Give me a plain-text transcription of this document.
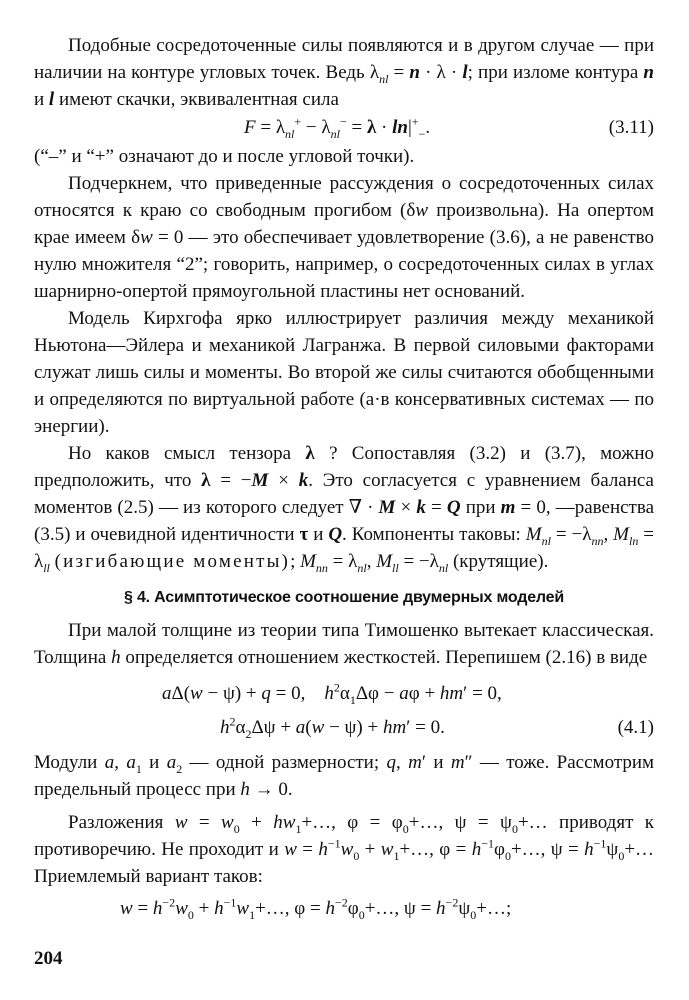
Подобные сосредоточенные силы появляются и в другом случае — при наличии на контуре угловых точек. Ведь $\lambda_{nl} = n \cdot \lambda \cdot l$; при изломе контура n и l имеют скачки, эквивалентная сила

$F = \lambda_{nl}^+ - \lambda_{nl}^- = \lambda \cdot \ln|^+_-$.	(3.11)

(“–” и “+” означают до и после угловой точки).

Подчеркнем, что приведенные рассуждения о сосредоточенных силах относятся к краю со свободным прогибом (δw произвольна). На опертом крае имеем δw = 0 — это обеспечивает удовлетворение (3.6), а не равенство нулю множителя “2”; говорить, например, о сосредоточенных силах в углах шарнирно-опертой прямоугольной пластины нет оснований.

Модель Кирхгофа ярко иллюстрирует различия между механикой Ньютона—Эйлера и механикой Лагранжа. В первой силовыми факторами служат лишь силы и моменты. Во второй же силы считаются обобщенными и определяются по виртуальной работе (а·в консервативных системах — по энергии).

Но каков смысл тензора λ ? Сопоставляя (3.2) и (3.7), можно предположить, что λ = −M × k. Это согласуется с уравнением баланса моментов (2.5) — из которого следует ∇ · M × k = Q при m = 0, —равенства (3.5) и очевидной идентичности τ и Q. Компоненты таковы: $M_{nl} = -\lambda_{nn}$, $M_{ln} = \lambda_{ll}$ (изгибающие моменты); $M_{nn} = \lambda_{nl}$, $M_{ll} = -\lambda_{nl}$ (крутящие).

§ 4. Асимптотическое соотношение двумерных моделей

При малой толщине из теории типа Тимошенко вытекает классическая. Толщина h определяется отношением жесткостей. Перепишем (2.16) в виде

aΔ(w − ψ) + q = 0,    $h^2\alpha_1\Delta\varphi - a\varphi + hm' = 0$,
$h^2\alpha_2\Delta\psi + a(w - \psi) + hm' = 0$.	(4.1)

Модули a, $a_1$ и $a_2$ — одной размерности; q, m′ и m″ — тоже. Рассмотрим предельный процесс при h → 0.

Разложения $w = w_0$ + $hw_1+\dots$, $\varphi = \varphi_0+\dots$, $\psi = \psi_0+\dots$ приводят к противоречию. Не проходит и $w = h^{-1}w_0$ + $w_1+\dots$, $\varphi = h^{-1}\varphi_0+\dots$, $\psi = h^{-1}\psi_0+\dots$ Приемлемый вариант таков:

$w = h^{-2}w_0$ + $h^{-1}w_1+\dots$, $\varphi = h^{-2}\varphi_0+\dots$, $\psi = h^{-2}\psi_0+\dots$;
204
